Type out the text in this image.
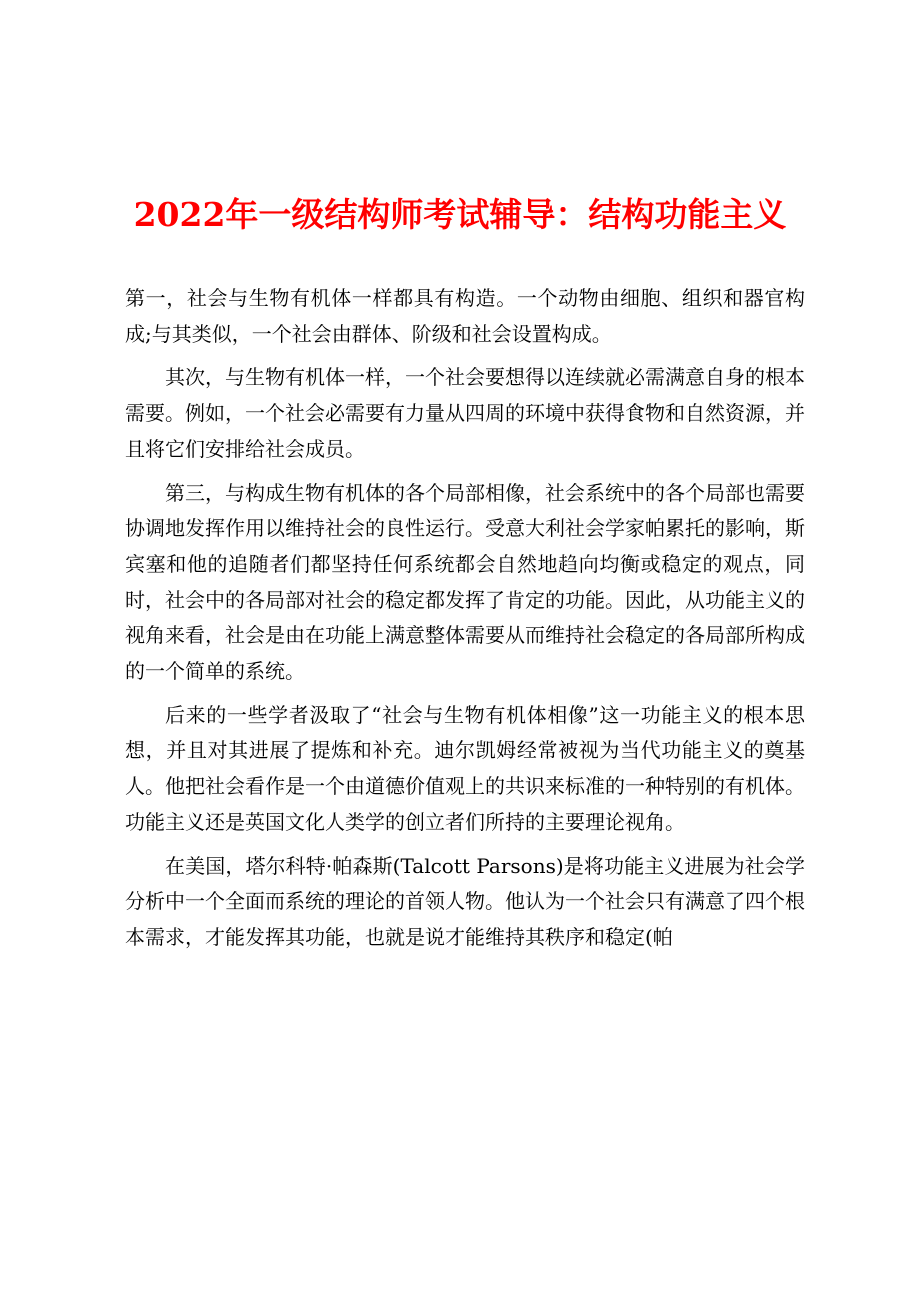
2022年一级结构师考试辅导：结构功能主义

第一，社会与生物有机体一样都具有构造。一个动物由细胞、组织和器官构成;与其类似，一个社会由群体、阶级和社会设置构成。

其次，与生物有机体一样，一个社会要想得以连续就必需满意自身的根本需要。例如，一个社会必需要有力量从四周的环境中获得食物和自然资源，并且将它们安排给社会成员。

第三，与构成生物有机体的各个局部相像，社会系统中的各个局部也需要协调地发挥作用以维持社会的良性运行。受意大利社会学家帕累托的影响，斯宾塞和他的追随者们都坚持任何系统都会自然地趋向均衡或稳定的观点，同时，社会中的各局部对社会的稳定都发挥了肯定的功能。因此，从功能主义的视角来看，社会是由在功能上满意整体需要从而维持社会稳定的各局部所构成的一个简单的系统。

后来的一些学者汲取了“社会与生物有机体相像”这一功能主义的根本思想，并且对其进展了提炼和补充。迪尔凯姆经常被视为当代功能主义的奠基人。他把社会看作是一个由道德价值观上的共识来标准的一种特别的有机体。功能主义还是英国文化人类学的创立者们所持的主要理论视角。

在美国，塔尔科特·帕森斯(Talcott Parsons)是将功能主义进展为社会学分析中一个全面而系统的理论的首领人物。他认为一个社会只有满意了四个根本需求，才能发挥其功能，也就是说才能维持其秩序和稳定(帕
